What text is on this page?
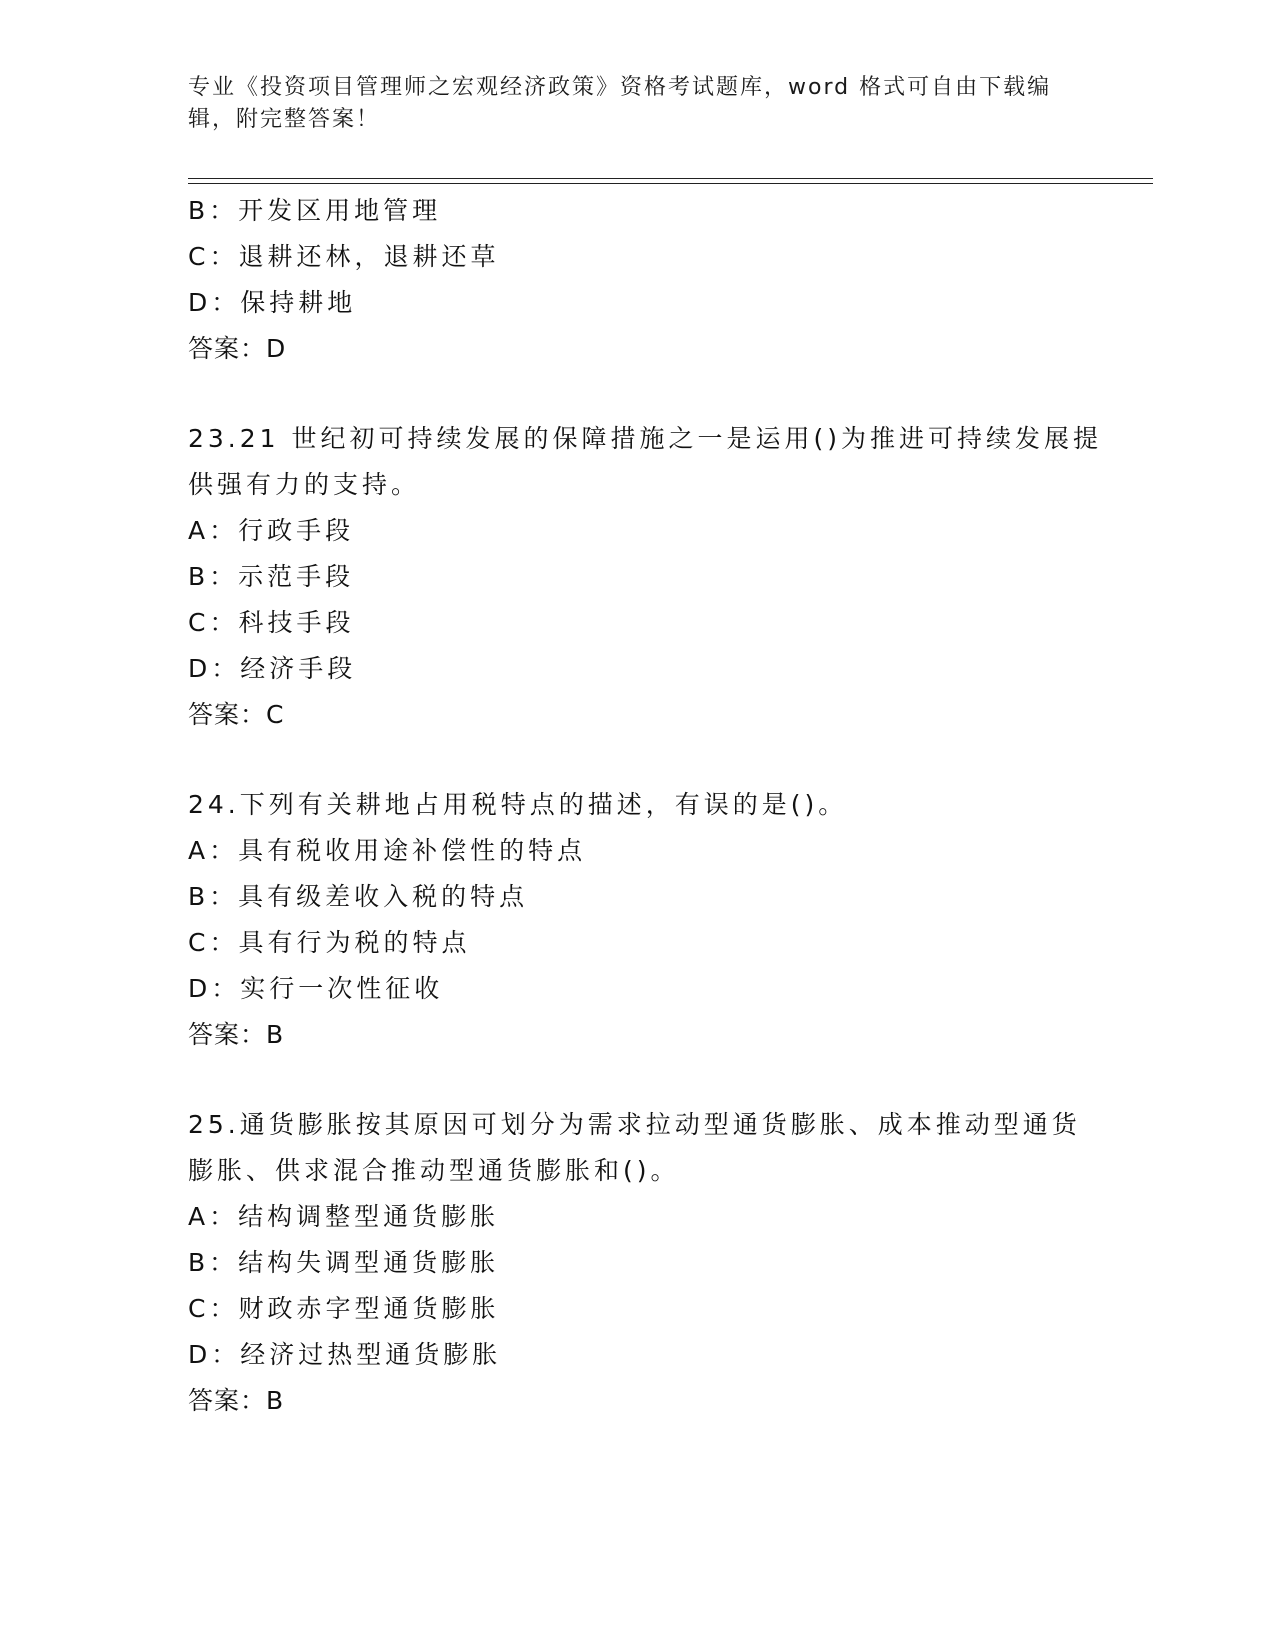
专业《投资项目管理师之宏观经济政策》资格考试题库，word 格式可自由下载编
辑，附完整答案！
B：开发区用地管理
C：退耕还林，退耕还草
D：保持耕地
答案：D
23.21 世纪初可持续发展的保障措施之一是运用()为推进可持续发展提
供强有力的支持。
A：行政手段
B：示范手段
C：科技手段
D：经济手段
答案：C
24.下列有关耕地占用税特点的描述，有误的是()。
A：具有税收用途补偿性的特点
B：具有级差收入税的特点
C：具有行为税的特点
D：实行一次性征收
答案：B
25.通货膨胀按其原因可划分为需求拉动型通货膨胀、成本推动型通货
膨胀、供求混合推动型通货膨胀和()。
A：结构调整型通货膨胀
B：结构失调型通货膨胀
C：财政赤字型通货膨胀
D：经济过热型通货膨胀
答案：B
